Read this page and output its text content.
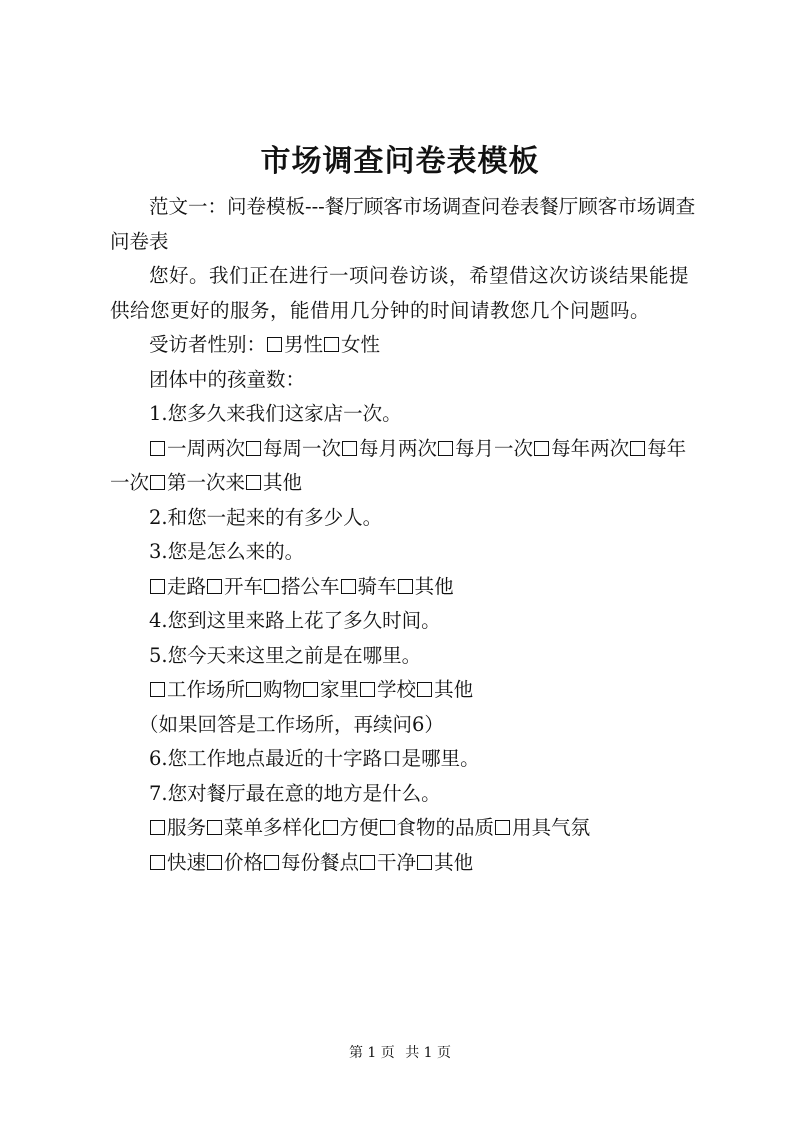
市场调查问卷表模板

范文一：问卷模板---餐厅顾客市场调查问卷表餐厅顾客市场调查问卷表

您好。我们正在进行一项问卷访谈，希望借这次访谈结果能提供给您更好的服务，能借用几分钟的时间请教您几个问题吗。

受访者性别： 男性 女性

团体中的孩童数：

1.您多久来我们这家店一次。

一周两次 每周一次 每月两次 每月一次 每年两次 每年一次 第一次来 其他

2.和您一起来的有多少人。

3.您是怎么来的。

走路 开车 搭公车 骑车 其他

4.您到这里来路上花了多久时间。

5.您今天来这里之前是在哪里。

工作场所 购物 家里 学校 其他

（如果回答是工作场所，再续问6）

6.您工作地点最近的十字路口是哪里。

7.您对餐厅最在意的地方是什么。

服务 菜单多样化 方便 食物的品质 用具气氛

快速 价格 每份餐点 干净 其他

第 1 页 共 1 页
